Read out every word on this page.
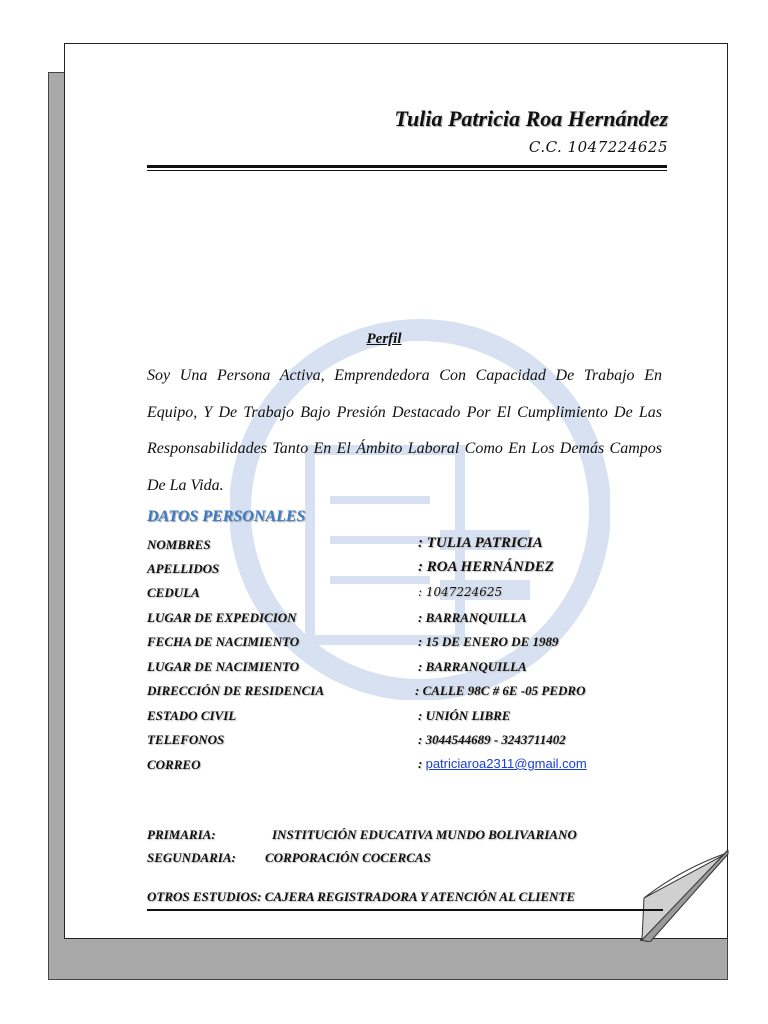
Tulia Patricia Roa Hernández
C.C. 1047224625
Perfil
Soy Una Persona Activa, Emprendedora Con Capacidad De Trabajo En Equipo, Y De Trabajo Bajo Presión Destacado Por El Cumplimiento De Las Responsabilidades Tanto En El Ámbito Laboral Como En Los Demás Campos De La Vida.
DATOS PERSONALES
NOMBRES	: TULIA PATRICIA
APELLIDOS	: ROA HERNÁNDEZ
CEDULA	: 1047224625
LUGAR DE EXPEDICION	: BARRANQUILLA
FECHA DE NACIMIENTO	: 15 DE ENERO DE 1989
LUGAR DE NACIMIENTO	: BARRANQUILLA
DIRECCIÓN DE RESIDENCIA	: CALLE 98C # 6E -05 PEDRO
ESTADO CIVIL	: UNIÓN LIBRE
TELEFONOS	: 3044544689 - 3243711402
CORREO	: patriciaroa2311@gmail.com
PRIMARIA:	INSTITUCIÓN EDUCATIVA MUNDO BOLIVARIANO
SEGUNDARIA: CORPORACIÓN COCERCAS
OTROS ESTUDIOS: CAJERA REGISTRADORA Y ATENCIÓN AL CLIENTE
